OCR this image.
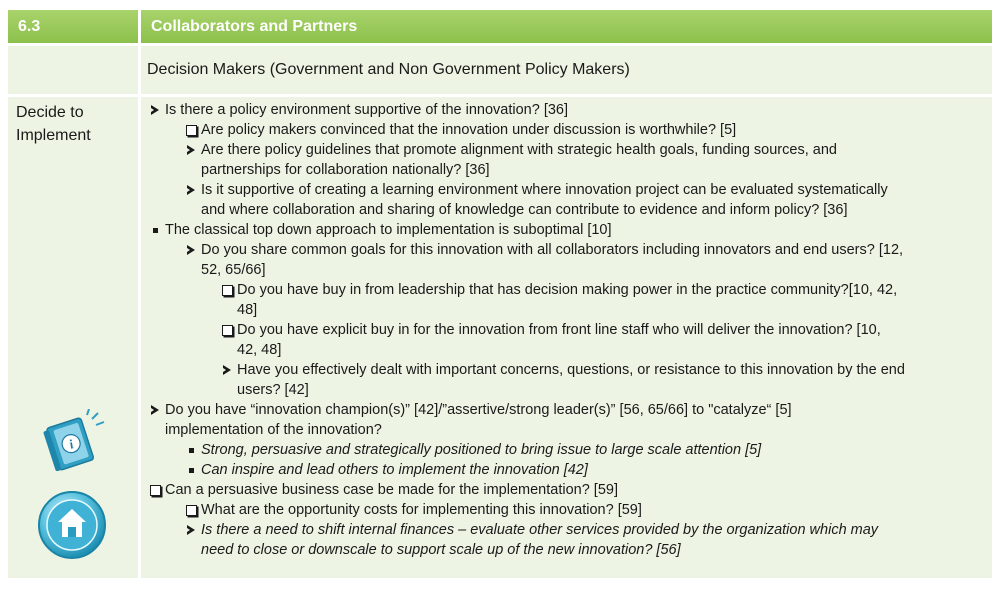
6.3	Collaborators and Partners
Decision Makers (Government and Non Government Policy Makers)
Decide to Implement
i
Is there a policy environment supportive of the innovation? [36]
Are policy makers convinced that the innovation under discussion is worthwhile? [5]
Are there policy guidelines that promote alignment with strategic health goals, funding sources, and
partnerships for collaboration nationally? [36]
Is it supportive of creating a learning environment where innovation project can be evaluated systematically
and where collaboration and sharing of knowledge can contribute to evidence and inform policy? [36]
The classical top down approach to implementation is suboptimal [10]
Do you share common goals for this innovation with all collaborators including innovators and end users? [12,
52, 65/66]
Do you have buy in from leadership that has decision making power in the practice community?[10, 42,
48]
Do you have explicit buy in for the innovation from front line staff who will deliver the innovation? [10,
42, 48]
Have you effectively dealt with important concerns, questions, or resistance to this innovation by the end
users? [42]
Do you have “innovation champion(s)” [42]/”assertive/strong leader(s)” [56, 65/66] to "catalyze“ [5]
implementation of the innovation?
Strong, persuasive and strategically positioned to bring issue to large scale attention [5]
Can inspire and lead others to implement the innovation [42]
Can a persuasive business case be made for the implementation? [59]
What are the opportunity costs for implementing this innovation? [59]
Is there a need to shift internal finances – evaluate other services provided by the organization which may
need to close or downscale to support scale up of the new innovation? [56]
